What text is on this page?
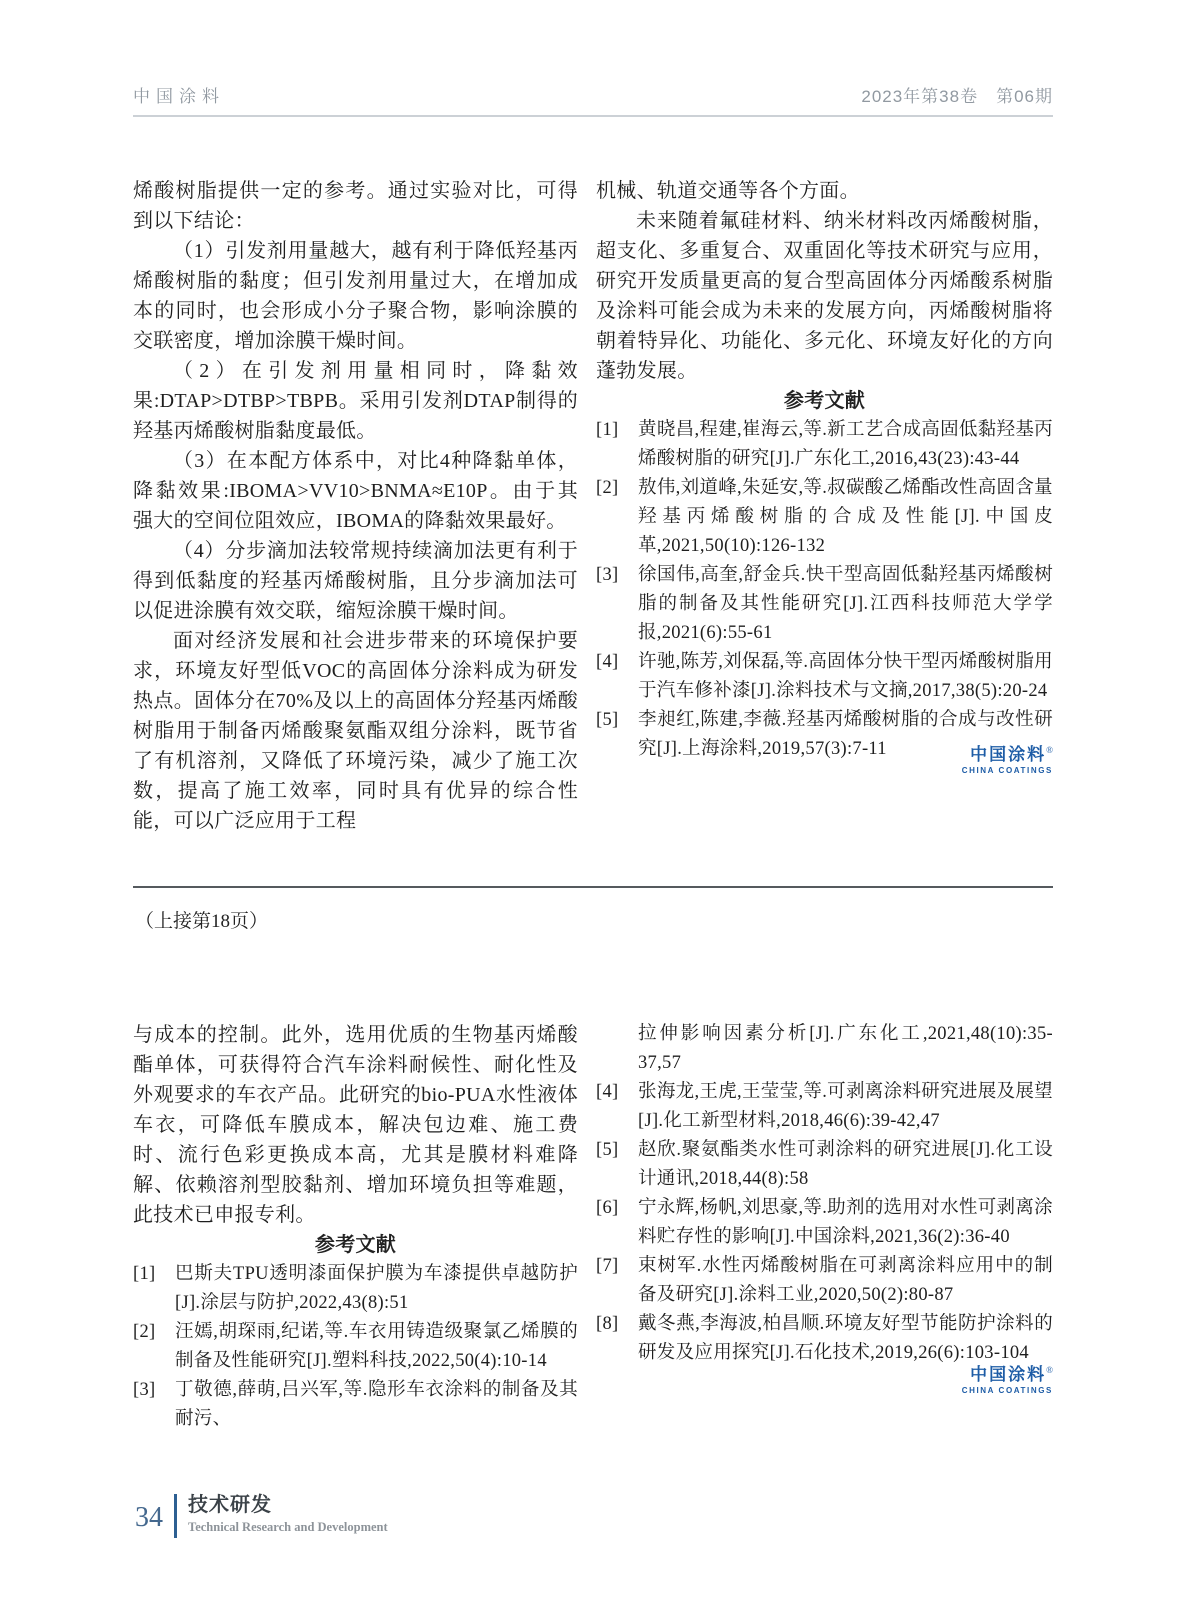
中国涂料	2023年第38卷　第06期

烯酸树脂提供一定的参考。通过实验对比，可得到以下结论：

（1）引发剂用量越大，越有利于降低羟基丙烯酸树脂的黏度；但引发剂用量过大，在增加成本的同时，也会形成小分子聚合物，影响涂膜的交联密度，增加涂膜干燥时间。

（2）在引发剂用量相同时，降黏效果:DTAP>DTBP>TBPB。采用引发剂DTAP制得的羟基丙烯酸树脂黏度最低。

（3）在本配方体系中，对比4种降黏单体，降黏效果:IBOMA>VV10>BNMA≈E10P。由于其强大的空间位阻效应，IBOMA的降黏效果最好。

（4）分步滴加法较常规持续滴加法更有利于得到低黏度的羟基丙烯酸树脂，且分步滴加法可以促进涂膜有效交联，缩短涂膜干燥时间。

面对经济发展和社会进步带来的环境保护要求，环境友好型低VOC的高固体分涂料成为研发热点。固体分在70%及以上的高固体分羟基丙烯酸树脂用于制备丙烯酸聚氨酯双组分涂料，既节省了有机溶剂，又降低了环境污染，减少了施工次数，提高了施工效率，同时具有优异的综合性能，可以广泛应用于工程

机械、轨道交通等各个方面。

未来随着氟硅材料、纳米材料改丙烯酸树脂，超支化、多重复合、双重固化等技术研究与应用，研究开发质量更高的复合型高固体分丙烯酸系树脂及涂料可能会成为未来的发展方向，丙烯酸树脂将朝着特异化、功能化、多元化、环境友好化的方向蓬勃发展。

参考文献

[1] 黄晓昌,程建,崔海云,等.新工艺合成高固低黏羟基丙烯酸树脂的研究[J].广东化工,2016,43(23):43-44
[2] 敖伟,刘道峰,朱延安,等.叔碳酸乙烯酯改性高固含量羟基丙烯酸树脂的合成及性能[J].中国皮革,2021,50(10):126-132
[3] 徐国伟,高奎,舒金兵.快干型高固低黏羟基丙烯酸树脂的制备及其性能研究[J].江西科技师范大学学报,2021(6):55-61
[4] 许驰,陈芳,刘保磊,等.高固体分快干型丙烯酸树脂用于汽车修补漆[J].涂料技术与文摘,2017,38(5):20-24
[5] 李昶红,陈建,李薇.羟基丙烯酸树脂的合成与改性研究[J].上海涂料,2019,57(3):7-11	中国涂料®
CHINA COATINGS
（上接第18页）

与成本的控制。此外，选用优质的生物基丙烯酸酯单体，可获得符合汽车涂料耐候性、耐化性及外观要求的车衣产品。此研究的bio-PUA水性液体车衣，可降低车膜成本，解决包边难、施工费时、流行色彩更换成本高，尤其是膜材料难降解、依赖溶剂型胶黏剂、增加环境负担等难题，此技术已申报专利。

参考文献

[1] 巴斯夫TPU透明漆面保护膜为车漆提供卓越防护[J].涂层与防护,2022,43(8):51
[2] 汪嫣,胡琛雨,纪诺,等.车衣用铸造级聚氯乙烯膜的制备及性能研究[J].塑料科技,2022,50(4):10-14
[3] 丁敬德,薛萌,吕兴军,等.隐形车衣涂料的制备及其耐污、
拉伸影响因素分析[J].广东化工,2021,48(10):35-37,57
[4] 张海龙,王虎,王莹莹,等.可剥离涂料研究进展及展望[J].化工新型材料,2018,46(6):39-42,47
[5] 赵欣.聚氨酯类水性可剥涂料的研究进展[J].化工设计通讯,2018,44(8):58
[6] 宁永辉,杨帆,刘思豪,等.助剂的选用对水性可剥离涂料贮存性的影响[J].中国涂料,2021,36(2):36-40
[7] 束树军.水性丙烯酸树脂在可剥离涂料应用中的制备及研究[J].涂料工业,2020,50(2):80-87
[8] 戴冬燕,李海波,柏昌顺.环境友好型节能防护涂料的研发及应用探究[J].石化技术,2019,26(6):103-104
中国涂料®
CHINA COATINGS
34 技术研发
Technical Research and Development
